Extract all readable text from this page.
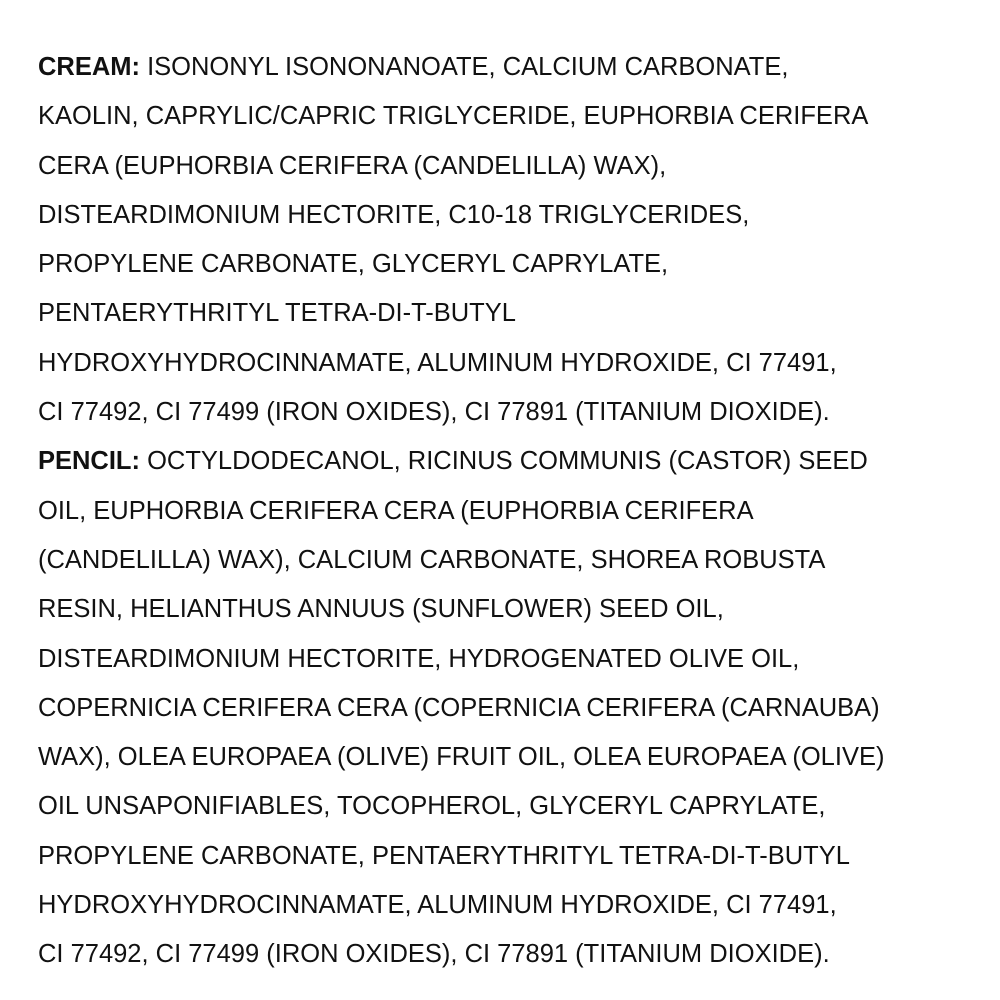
CREAM: ISONONYL ISONONANOATE, CALCIUM CARBONATE,
KAOLIN, CAPRYLIC/CAPRIC TRIGLYCERIDE, EUPHORBIA CERIFERA
CERA (EUPHORBIA CERIFERA (CANDELILLA) WAX),
DISTEARDIMONIUM HECTORITE, C10-18 TRIGLYCERIDES,
PROPYLENE CARBONATE, GLYCERYL CAPRYLATE,
PENTAERYTHRITYL TETRA-DI-T-BUTYL
HYDROXYHYDROCINNAMATE, ALUMINUM HYDROXIDE, CI 77491,
CI 77492, CI 77499 (IRON OXIDES), CI 77891 (TITANIUM DIOXIDE).
PENCIL: OCTYLDODECANOL, RICINUS COMMUNIS (CASTOR) SEED
OIL, EUPHORBIA CERIFERA CERA (EUPHORBIA CERIFERA
(CANDELILLA) WAX), CALCIUM CARBONATE, SHOREA ROBUSTA
RESIN, HELIANTHUS ANNUUS (SUNFLOWER) SEED OIL,
DISTEARDIMONIUM HECTORITE, HYDROGENATED OLIVE OIL,
COPERNICIA CERIFERA CERA (COPERNICIA CERIFERA (CARNAUBA)
WAX), OLEA EUROPAEA (OLIVE) FRUIT OIL, OLEA EUROPAEA (OLIVE)
OIL UNSAPONIFIABLES, TOCOPHEROL, GLYCERYL CAPRYLATE,
PROPYLENE CARBONATE, PENTAERYTHRITYL TETRA-DI-T-BUTYL
HYDROXYHYDROCINNAMATE, ALUMINUM HYDROXIDE, CI 77491,
CI 77492, CI 77499 (IRON OXIDES), CI 77891 (TITANIUM DIOXIDE).
